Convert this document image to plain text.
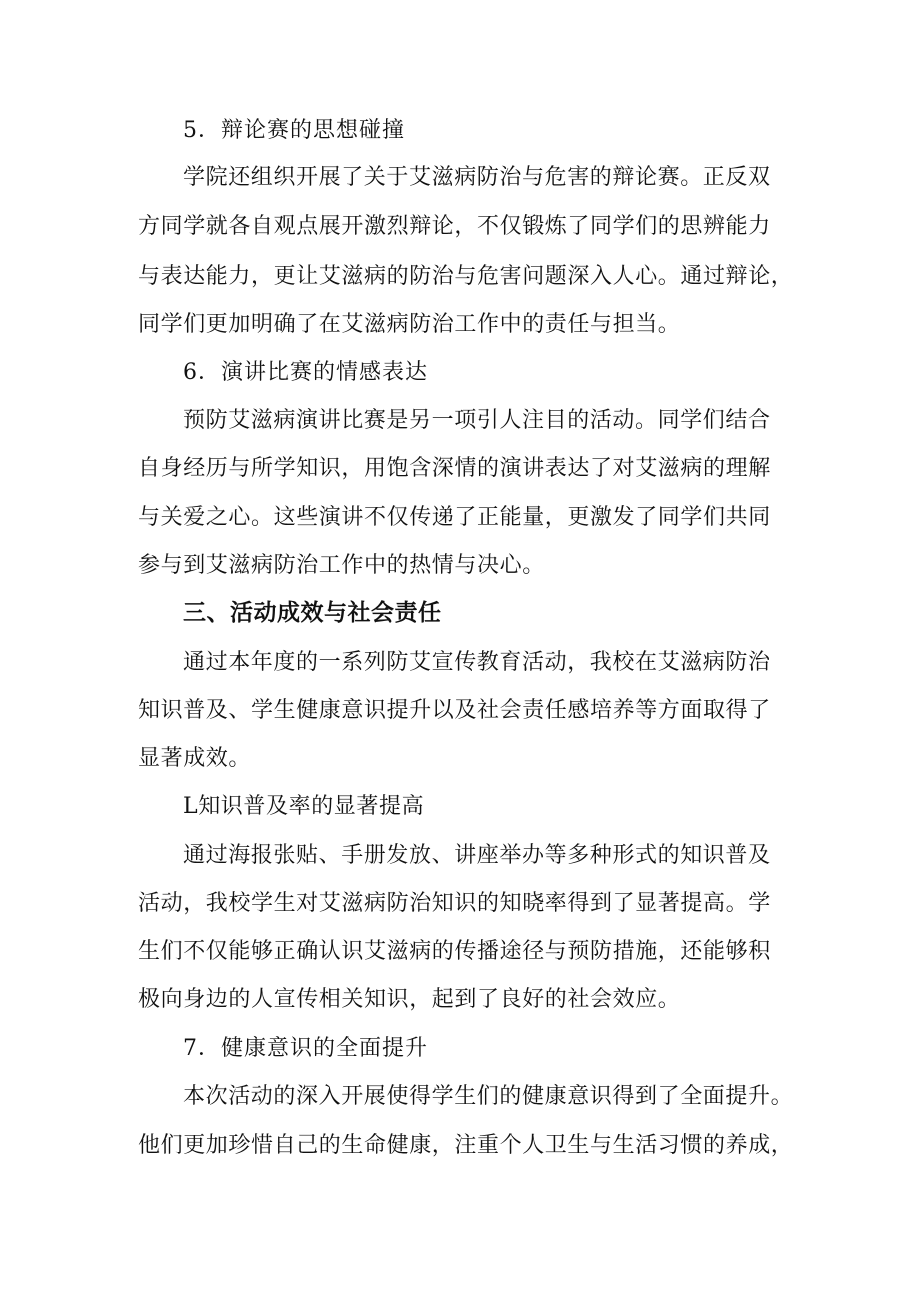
5．辩论赛的思想碰撞
学院还组织开展了关于艾滋病防治与危害的辩论赛。正反双
方同学就各自观点展开激烈辩论，不仅锻炼了同学们的思辨能力
与表达能力，更让艾滋病的防治与危害问题深入人心。通过辩论，
同学们更加明确了在艾滋病防治工作中的责任与担当。
6．演讲比赛的情感表达
预防艾滋病演讲比赛是另一项引人注目的活动。同学们结合
自身经历与所学知识，用饱含深情的演讲表达了对艾滋病的理解
与关爱之心。这些演讲不仅传递了正能量，更激发了同学们共同
参与到艾滋病防治工作中的热情与决心。
三、活动成效与社会责任
通过本年度的一系列防艾宣传教育活动，我校在艾滋病防治
知识普及、学生健康意识提升以及社会责任感培养等方面取得了
显著成效。
L知识普及率的显著提高
通过海报张贴、手册发放、讲座举办等多种形式的知识普及
活动，我校学生对艾滋病防治知识的知晓率得到了显著提高。学
生们不仅能够正确认识艾滋病的传播途径与预防措施，还能够积
极向身边的人宣传相关知识，起到了良好的社会效应。
7．健康意识的全面提升
本次活动的深入开展使得学生们的健康意识得到了全面提升。
他们更加珍惜自己的生命健康，注重个人卫生与生活习惯的养成，
